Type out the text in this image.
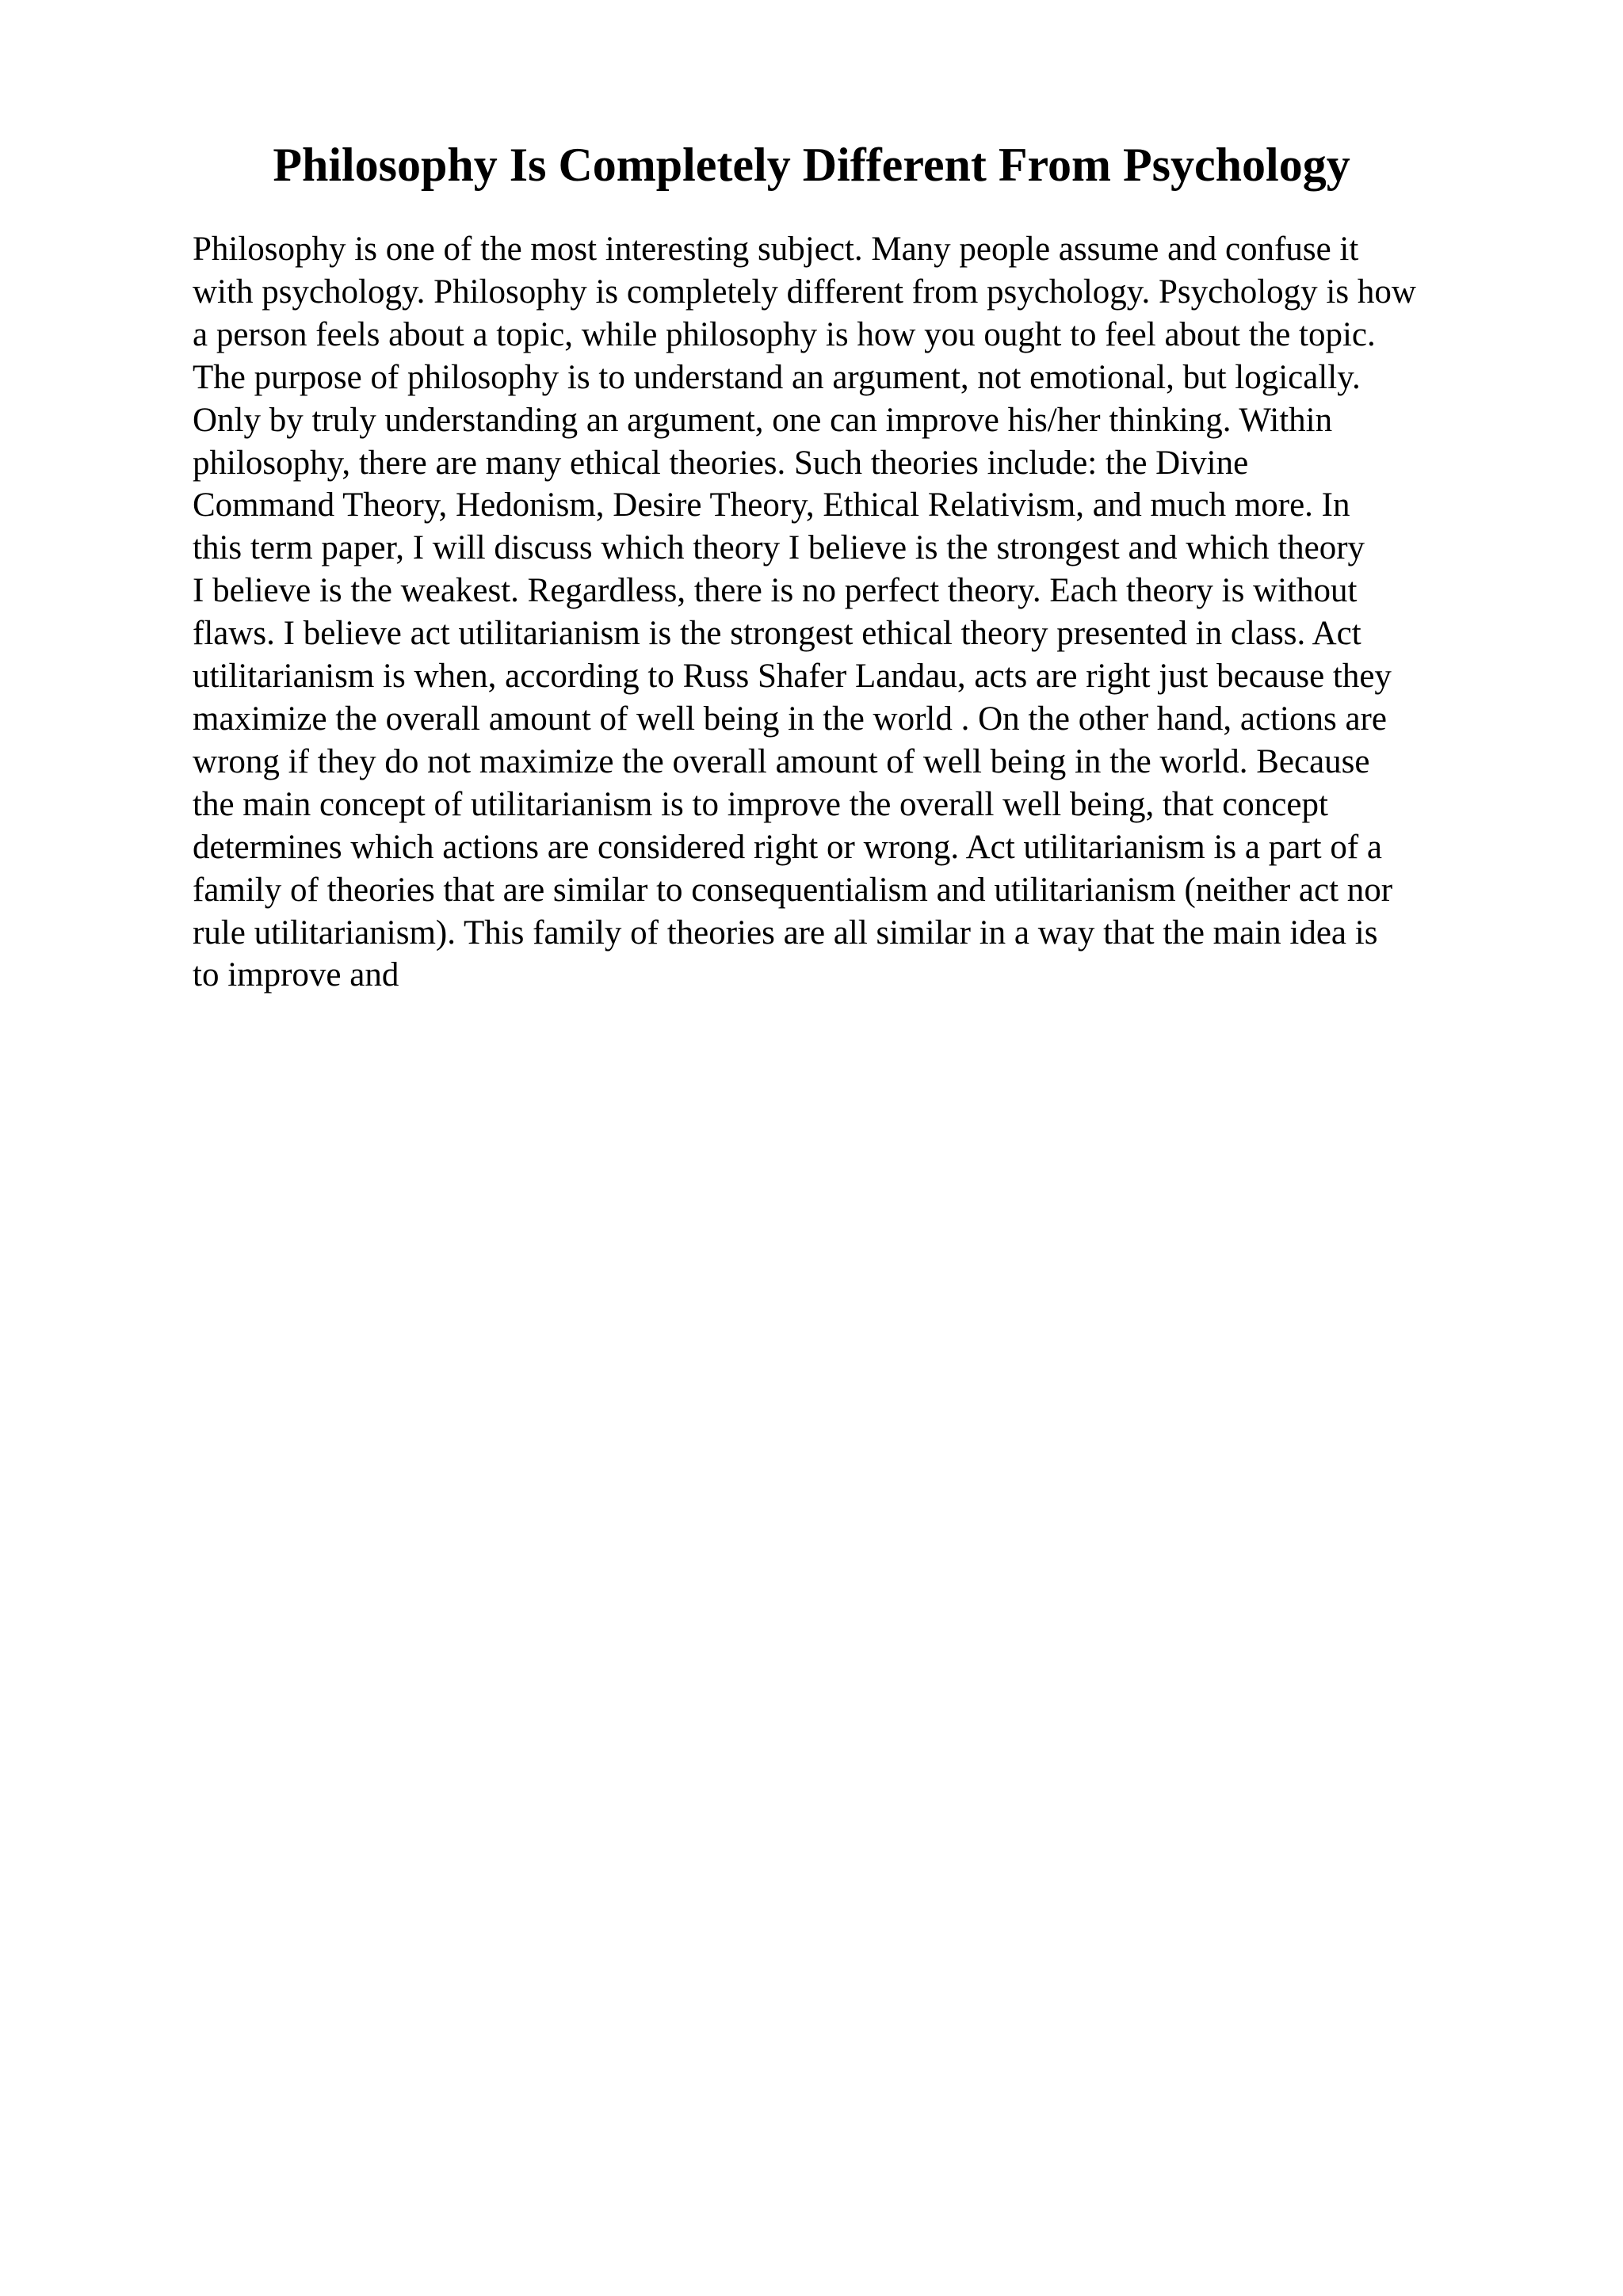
Philosophy Is Completely Different From Psychology
Philosophy is one of the most interesting subject. Many people assume and confuse it
with psychology. Philosophy is completely different from psychology. Psychology is how
a person feels about a topic, while philosophy is how you ought to feel about the topic.
The purpose of philosophy is to understand an argument, not emotional, but logically.
Only by truly understanding an argument, one can improve his/her thinking. Within
philosophy, there are many ethical theories. Such theories include: the Divine
Command Theory, Hedonism, Desire Theory, Ethical Relativism, and much more. In
this term paper, I will discuss which theory I believe is the strongest and which theory
I believe is the weakest. Regardless, there is no perfect theory. Each theory is without
flaws. I believe act utilitarianism is the strongest ethical theory presented in class. Act
utilitarianism is when, according to Russ Shafer Landau, acts are right just because they
maximize the overall amount of well being in the world . On the other hand, actions are
wrong if they do not maximize the overall amount of well being in the world. Because
the main concept of utilitarianism is to improve the overall well being, that concept
determines which actions are considered right or wrong. Act utilitarianism is a part of a
family of theories that are similar to consequentialism and utilitarianism (neither act nor
rule utilitarianism). This family of theories are all similar in a way that the main idea is
to improve and
